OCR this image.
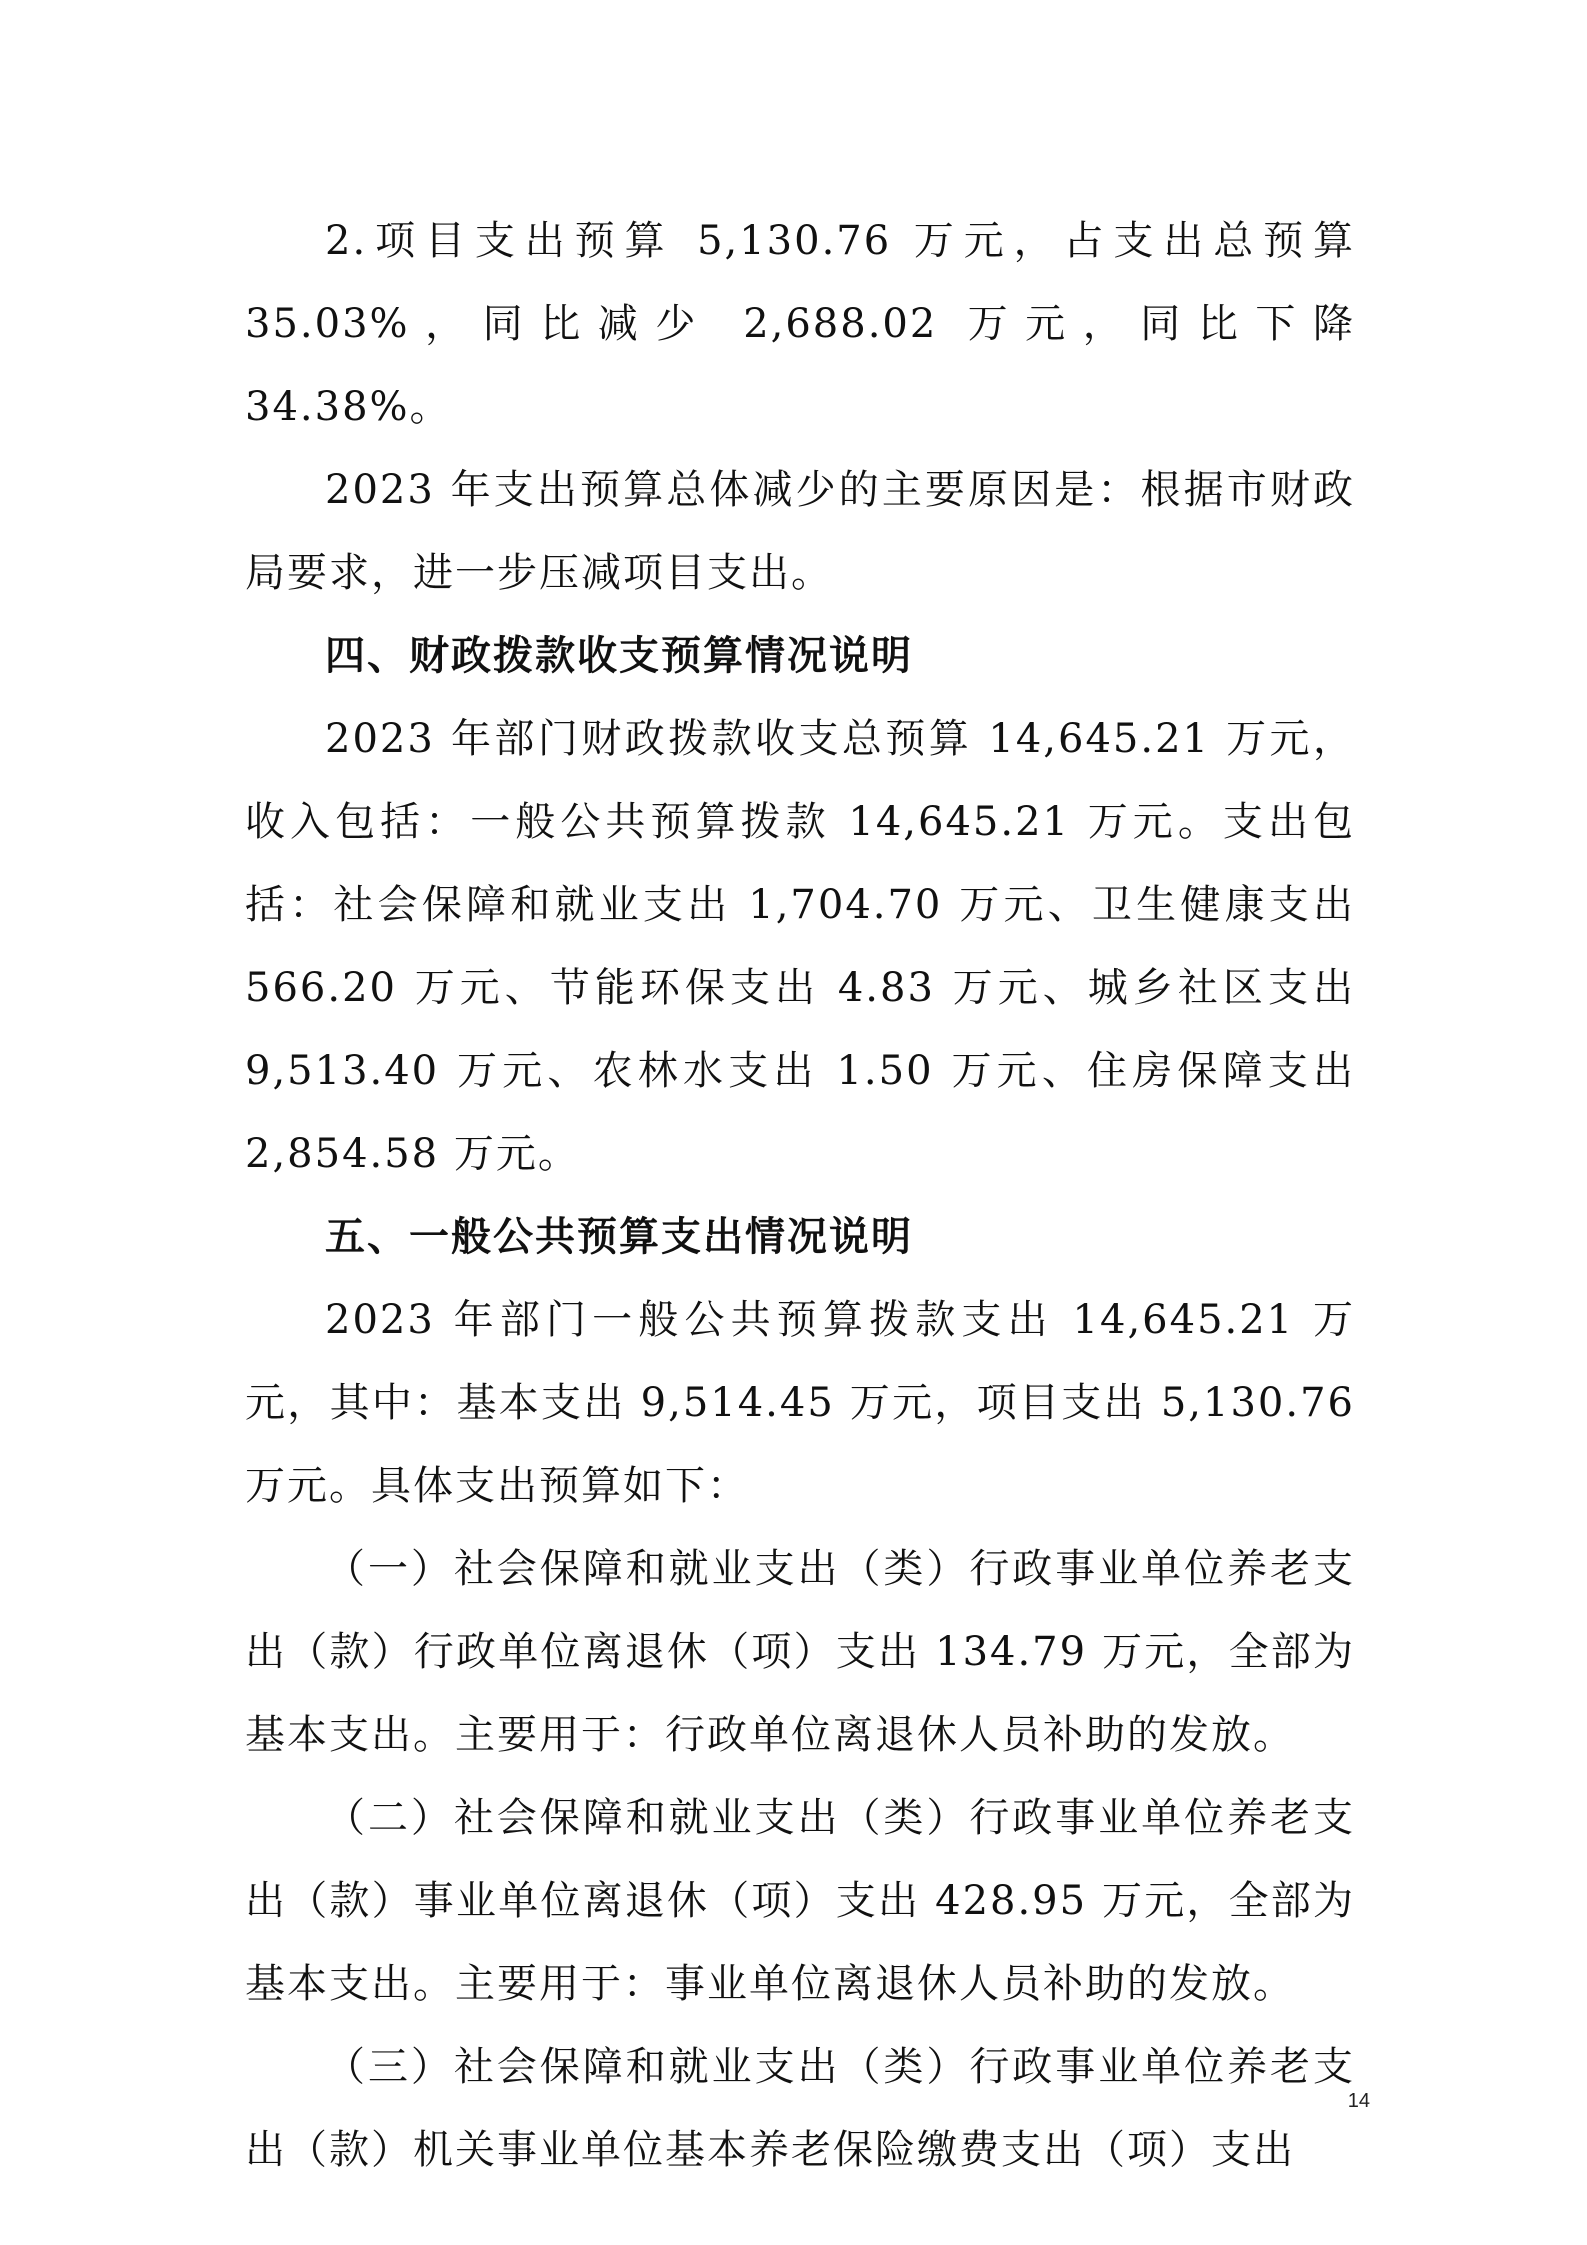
2.项目支出预算 5,130.76 万元，占支出总预算 35.03%，同比减少 2,688.02 万元，同比下降 34.38%。

2023 年支出预算总体减少的主要原因是：根据市财政局要求，进一步压减项目支出。

四、财政拨款收支预算情况说明

2023 年部门财政拨款收支总预算 14,645.21 万元，收入包括：一般公共预算拨款 14,645.21 万元。支出包括：社会保障和就业支出 1,704.70 万元、卫生健康支出 566.20 万元、节能环保支出 4.83 万元、城乡社区支出 9,513.40 万元、农林水支出 1.50 万元、住房保障支出 2,854.58 万元。

五、一般公共预算支出情况说明

2023 年部门一般公共预算拨款支出 14,645.21 万元，其中：基本支出 9,514.45 万元，项目支出 5,130.76 万元。具体支出预算如下：

（一）社会保障和就业支出（类）行政事业单位养老支出（款）行政单位离退休（项）支出 134.79 万元，全部为基本支出。主要用于：行政单位离退休人员补助的发放。

（二）社会保障和就业支出（类）行政事业单位养老支出（款）事业单位离退休（项）支出 428.95 万元，全部为基本支出。主要用于：事业单位离退休人员补助的发放。

（三）社会保障和就业支出（类）行政事业单位养老支出（款）机关事业单位基本养老保险缴费支出（项）支出

14
